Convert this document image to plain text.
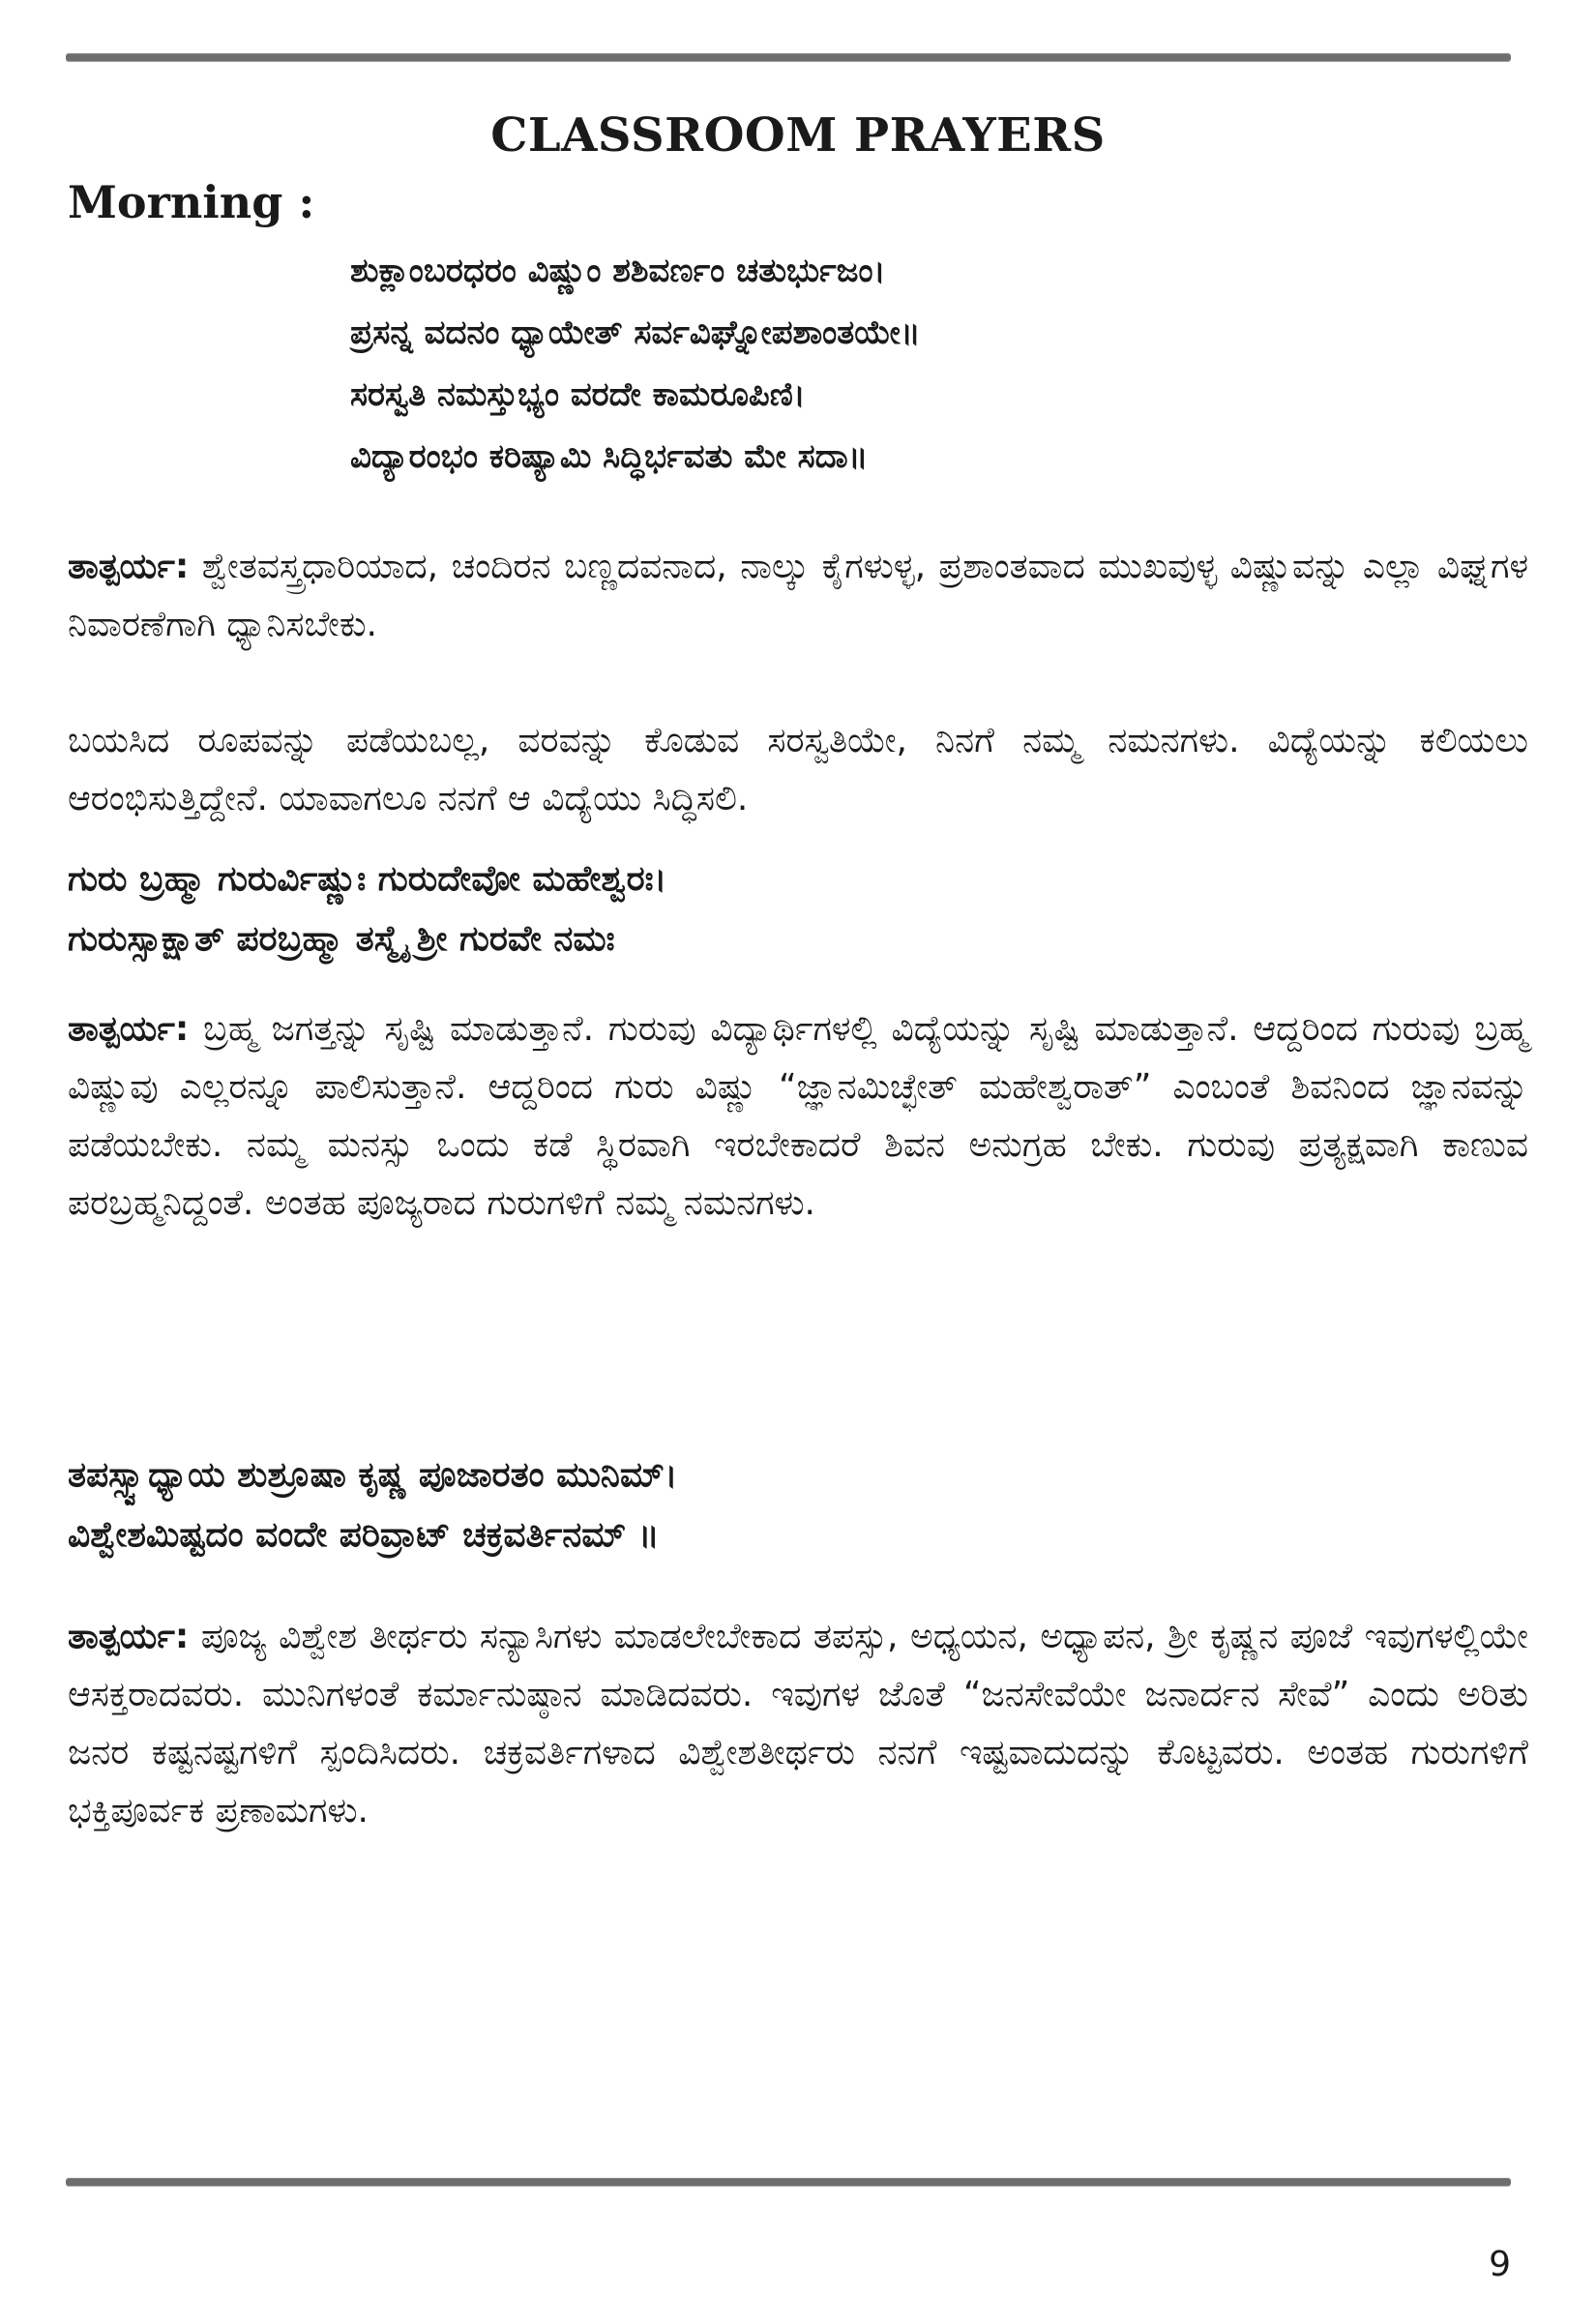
CLASSROOM PRAYERS
Morning :
ಶುಕ್ಲಾಂಬರಧರಂ ವಿಷ್ಣುಂ ಶಶಿವರ್ಣಂ ಚತುರ್ಭುಜಂ।
ಪ್ರಸನ್ನ ವದನಂ ಧ್ಯಾಯೇತ್ ಸರ್ವವಿಘ್ನೋಪಶಾಂತಯೇ॥
ಸರಸ್ವತಿ ನಮಸ್ತುಭ್ಯಂ ವರದೇ ಕಾಮರೂಪಿಣಿ।
ವಿದ್ಯಾರಂಭಂ ಕರಿಷ್ಯಾಮಿ ಸಿದ್ಧಿರ್ಭವತು ಮೇ ಸದಾ॥
ತಾತ್ಪರ್ಯ: ಶ್ವೇತವಸ್ತ್ರಧಾರಿಯಾದ, ಚಂದಿರನ ಬಣ್ಣದವನಾದ, ನಾಲ್ಕು ಕೈಗಳುಳ್ಳ, ಪ್ರಶಾಂತವಾದ ಮುಖವುಳ್ಳ ವಿಷ್ಣುವನ್ನು ಎಲ್ಲಾ ವಿಘ್ನಗಳ ನಿವಾರಣೆಗಾಗಿ ಧ್ಯಾನಿಸಬೇಕು.
ಬಯಸಿದ ರೂಪವನ್ನು ಪಡೆಯಬಲ್ಲ, ವರವನ್ನು ಕೊಡುವ ಸರಸ್ವತಿಯೇ, ನಿನಗೆ ನಮ್ಮ ನಮನಗಳು. ವಿದ್ಯೆಯನ್ನು ಕಲಿಯಲು ಆರಂಭಿಸುತ್ತಿದ್ದೇನೆ. ಯಾವಾಗಲೂ ನನಗೆ ಆ ವಿದ್ಯೆಯು ಸಿದ್ಧಿಸಲಿ.
ಗುರು ಬ್ರಹ್ಮಾ ಗುರುರ್ವಿಷ್ಣುಃ ಗುರುದೇವೋ ಮಹೇಶ್ವರಃ।
ಗುರುಸ್ಸಾಕ್ಷಾತ್ ಪರಬ್ರಹ್ಮಾ ತಸ್ಮೈ ಶ್ರೀ ಗುರವೇ ನಮಃ
ತಾತ್ಪರ್ಯ: ಬ್ರಹ್ಮ ಜಗತ್ತನ್ನು ಸೃಷ್ಟಿ ಮಾಡುತ್ತಾನೆ. ಗುರುವು ವಿದ್ಯಾರ್ಥಿಗಳಲ್ಲಿ ವಿದ್ಯೆಯನ್ನು ಸೃಷ್ಟಿ ಮಾಡುತ್ತಾನೆ. ಆದ್ದರಿಂದ ಗುರುವು ಬ್ರಹ್ಮ ವಿಷ್ಣುವು ಎಲ್ಲರನ್ನೂ ಪಾಲಿಸುತ್ತಾನೆ. ಆದ್ದರಿಂದ ಗುರು ವಿಷ್ಣು “ಜ್ಞಾನಮಿಚ್ಛೇತ್ ಮಹೇಶ್ವರಾತ್” ಎಂಬಂತೆ ಶಿವನಿಂದ ಜ್ಞಾನವನ್ನು ಪಡೆಯಬೇಕು. ನಮ್ಮ ಮನಸ್ಸು ಒಂದು ಕಡೆ ಸ್ಥಿರವಾಗಿ ಇರಬೇಕಾದರೆ ಶಿವನ ಅನುಗ್ರಹ ಬೇಕು. ಗುರುವು ಪ್ರತ್ಯಕ್ಷವಾಗಿ ಕಾಣುವ ಪರಬ್ರಹ್ಮನಿದ್ದಂತೆ. ಅಂತಹ ಪೂಜ್ಯರಾದ ಗುರುಗಳಿಗೆ ನಮ್ಮ ನಮನಗಳು.
ತಪಸ್ಸ್ವಾಧ್ಯಾಯ ಶುಶ್ರೂಷಾ ಕೃಷ್ಣ ಪೂಜಾರತಂ ಮುನಿಮ್।
ವಿಶ್ವೇಶಮಿಷ್ಟದಂ ವಂದೇ ಪರಿವ್ರಾಟ್ ಚಕ್ರವರ್ತಿನಮ್ ॥
ತಾತ್ಪರ್ಯ: ಪೂಜ್ಯ ವಿಶ್ವೇಶ ತೀರ್ಥರು ಸನ್ಯಾಸಿಗಳು ಮಾಡಲೇಬೇಕಾದ ತಪಸ್ಸು, ಅಧ್ಯಯನ, ಅಧ್ಯಾಪನ, ಶ್ರೀ ಕೃಷ್ಣನ ಪೂಜೆ ಇವುಗಳಲ್ಲಿಯೇ ಆಸಕ್ತರಾದವರು. ಮುನಿಗಳಂತೆ ಕರ್ಮಾನುಷ್ಠಾನ ಮಾಡಿದವರು. ಇವುಗಳ ಜೊತೆ “ಜನಸೇವೆಯೇ ಜನಾರ್ದನ ಸೇವೆ” ಎಂದು ಅರಿತು ಜನರ ಕಷ್ಟನಷ್ಟಗಳಿಗೆ ಸ್ಪಂದಿಸಿದರು. ಚಕ್ರವರ್ತಿಗಳಾದ ವಿಶ್ವೇಶತೀರ್ಥರು ನನಗೆ ಇಷ್ಟವಾದುದನ್ನು ಕೊಟ್ಟವರು. ಅಂತಹ ಗುರುಗಳಿಗೆ ಭಕ್ತಿಪೂರ್ವಕ ಪ್ರಣಾಮಗಳು.
9
